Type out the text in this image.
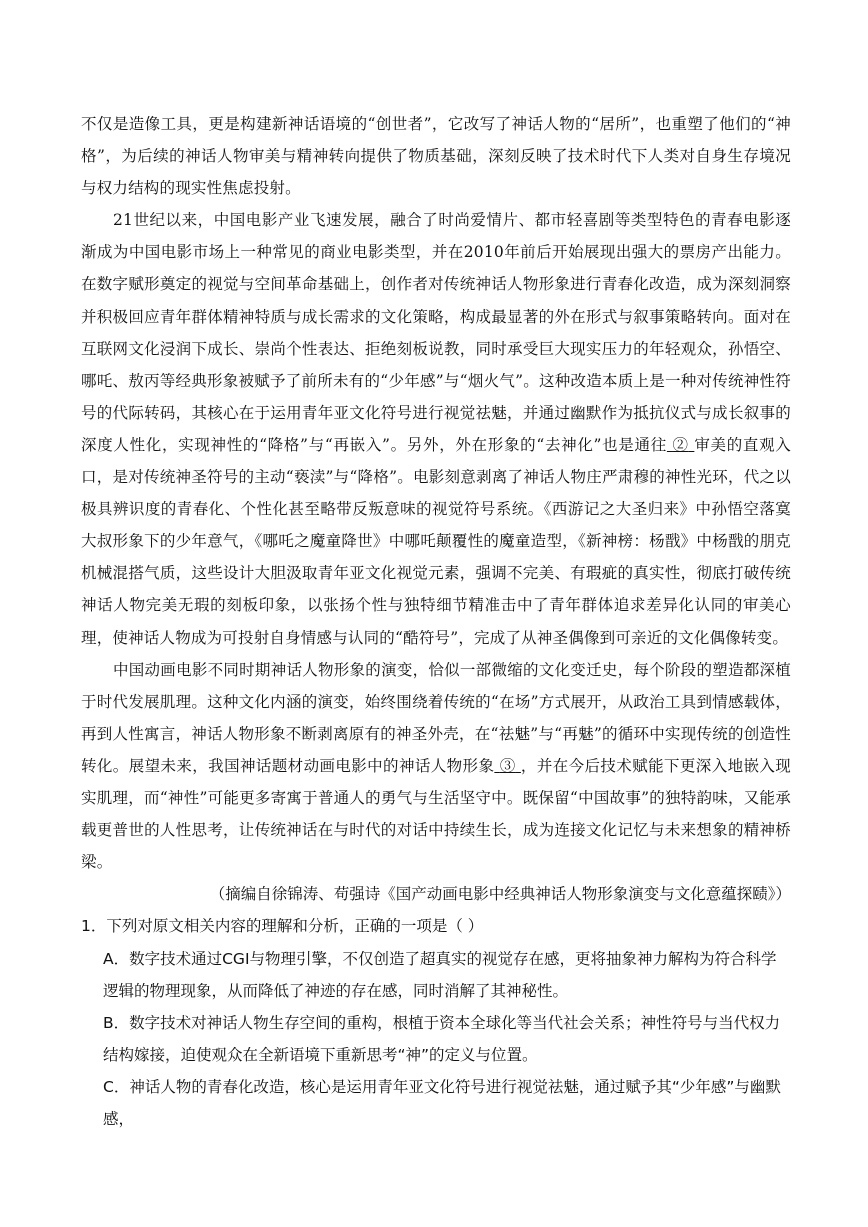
不仅是造像工具，更是构建新神话语境的“创世者”，它改写了神话人物的“居所”，也重塑了他们的“神格”，为后续的神话人物审美与精神转向提供了物质基础，深刻反映了技术时代下人类对自身生存境况与权力结构的现实性焦虑投射。

21世纪以来，中国电影产业飞速发展，融合了时尚爱情片、都市轻喜剧等类型特色的青春电影逐渐成为中国电影市场上一种常见的商业电影类型，并在2010年前后开始展现出强大的票房产出能力。在数字赋形奠定的视觉与空间革命基础上，创作者对传统神话人物形象进行青春化改造，成为深刻洞察并积极回应青年群体精神特质与成长需求的文化策略，构成最显著的外在形式与叙事策略转向。面对在互联网文化浸润下成长、崇尚个性表达、拒绝刻板说教，同时承受巨大现实压力的年轻观众，孙悟空、哪吒、敖丙等经典形象被赋予了前所未有的“少年感”与“烟火气”。这种改造本质上是一种对传统神性符号的代际转码，其核心在于运用青年亚文化符号进行视觉祛魅，并通过幽默作为抵抗仪式与成长叙事的深度人性化，实现神性的“降格”与“再嵌入”。另外，外在形象的“去神化”也是通往 ② 审美的直观入口，是对传统神圣符号的主动“亵渎”与“降格”。电影刻意剥离了神话人物庄严肃穆的神性光环，代之以极具辨识度的青春化、个性化甚至略带反叛意味的视觉符号系统。《西游记之大圣归来》中孙悟空落寞大叔形象下的少年意气，《哪吒之魔童降世》中哪吒颠覆性的魔童造型，《新神榜：杨戬》中杨戬的朋克机械混搭气质，这些设计大胆汲取青年亚文化视觉元素，强调不完美、有瑕疵的真实性，彻底打破传统神话人物完美无瑕的刻板印象，以张扬个性与独特细节精准击中了青年群体追求差异化认同的审美心理，使神话人物成为可投射自身情感与认同的“酷符号”，完成了从神圣偶像到可亲近的文化偶像转变。

中国动画电影不同时期神话人物形象的演变，恰似一部微缩的文化变迁史，每个阶段的塑造都深植于时代发展肌理。这种文化内涵的演变，始终围绕着传统的“在场”方式展开，从政治工具到情感载体，再到人性寓言，神话人物形象不断剥离原有的神圣外壳，在“祛魅”与“再魅”的循环中实现传统的创造性转化。展望未来，我国神话题材动画电影中的神话人物形象 ③ ，并在今后技术赋能下更深入地嵌入现实肌理，而“神性”可能更多寄寓于普通人的勇气与生活坚守中。既保留“中国故事”的独特韵味，又能承载更普世的人性思考，让传统神话在与时代的对话中持续生长，成为连接文化记忆与未来想象的精神桥梁。

（摘编自徐锦涛、苟强诗《国产动画电影中经典神话人物形象演变与文化意蕴探赜》）

1．下列对原文相关内容的理解和分析，正确的一项是（ ）

A．数字技术通过CGI与物理引擎，不仅创造了超真实的视觉存在感，更将抽象神力解构为符合科学逻辑的物理现象，从而降低了神迹的存在感，同时消解了其神秘性。

B．数字技术对神话人物生存空间的重构，根植于资本全球化等当代社会关系；神性符号与当代权力结构嫁接，迫使观众在全新语境下重新思考“神”的定义与位置。

C．神话人物的青春化改造，核心是运用青年亚文化符号进行视觉祛魅，通过赋予其“少年感”与幽默感，
